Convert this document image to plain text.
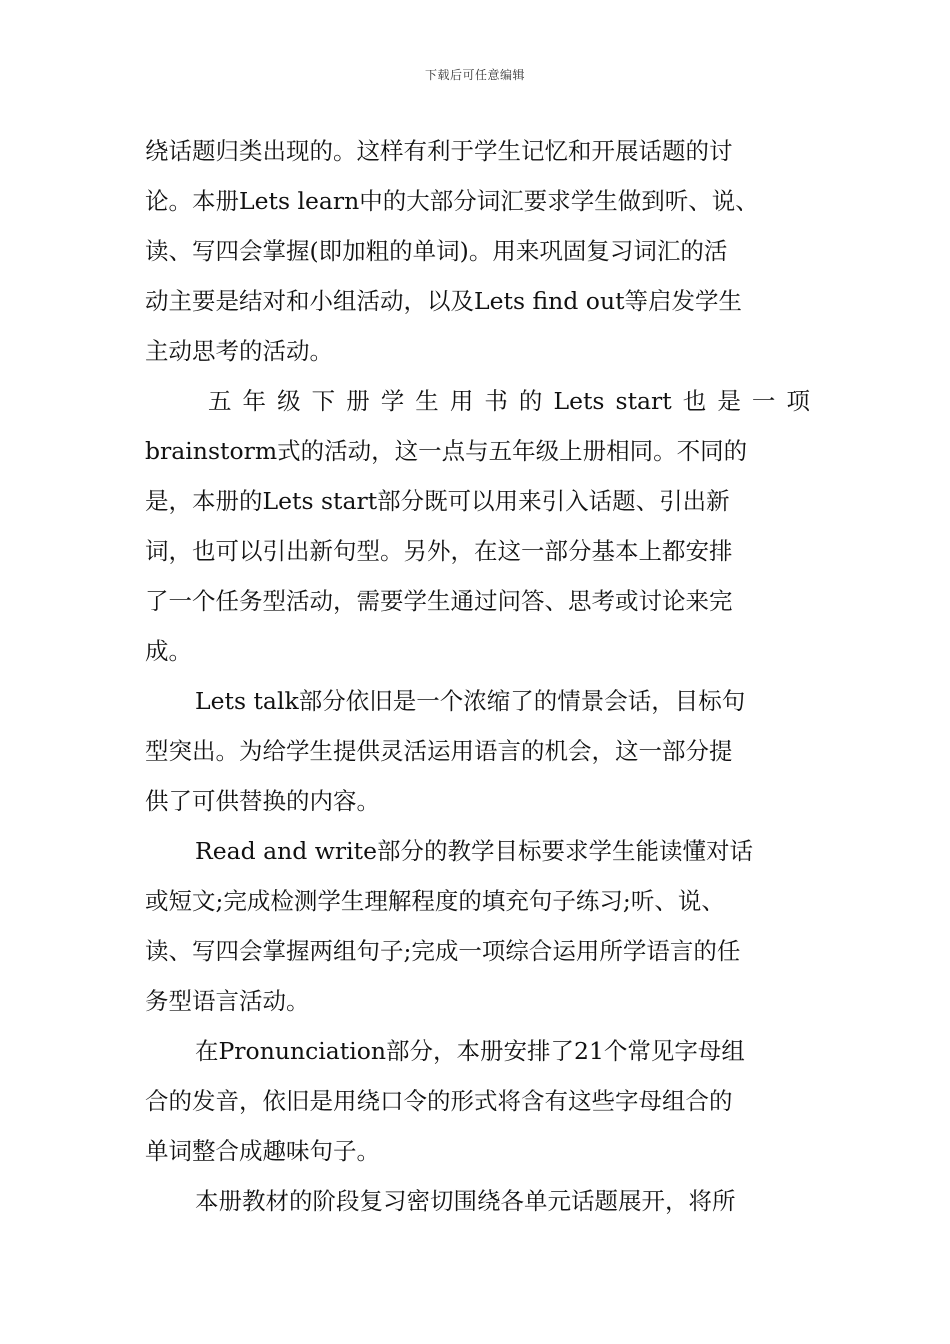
下载后可任意编辑
绕话题归类出现的。这样有利于学生记忆和开展话题的讨
论。本册Lets learn中的大部分词汇要求学生做到听、说、
读、写四会掌握(即加粗的单词)。用来巩固复习词汇的活
动主要是结对和小组活动，以及Lets find out等启发学生
主动思考的活动。
五 年 级 下 册 学 生 用 书 的 Lets start 也 是 一 项
brainstorm式的活动，这一点与五年级上册相同。不同的
是，本册的Lets start部分既可以用来引入话题、引出新
词，也可以引出新句型。另外，在这一部分基本上都安排
了一个任务型活动，需要学生通过问答、思考或讨论来完
成。
Lets talk部分依旧是一个浓缩了的情景会话，目标句
型突出。为给学生提供灵活运用语言的机会，这一部分提
供了可供替换的内容。
Read and write部分的教学目标要求学生能读懂对话
或短文;完成检测学生理解程度的填充句子练习;听、说、
读、写四会掌握两组句子;完成一项综合运用所学语言的任
务型语言活动。
在Pronunciation部分，本册安排了21个常见字母组
合的发音，依旧是用绕口令的形式将含有这些字母组合的
单词整合成趣味句子。
本册教材的阶段复习密切围绕各单元话题展开，将所
